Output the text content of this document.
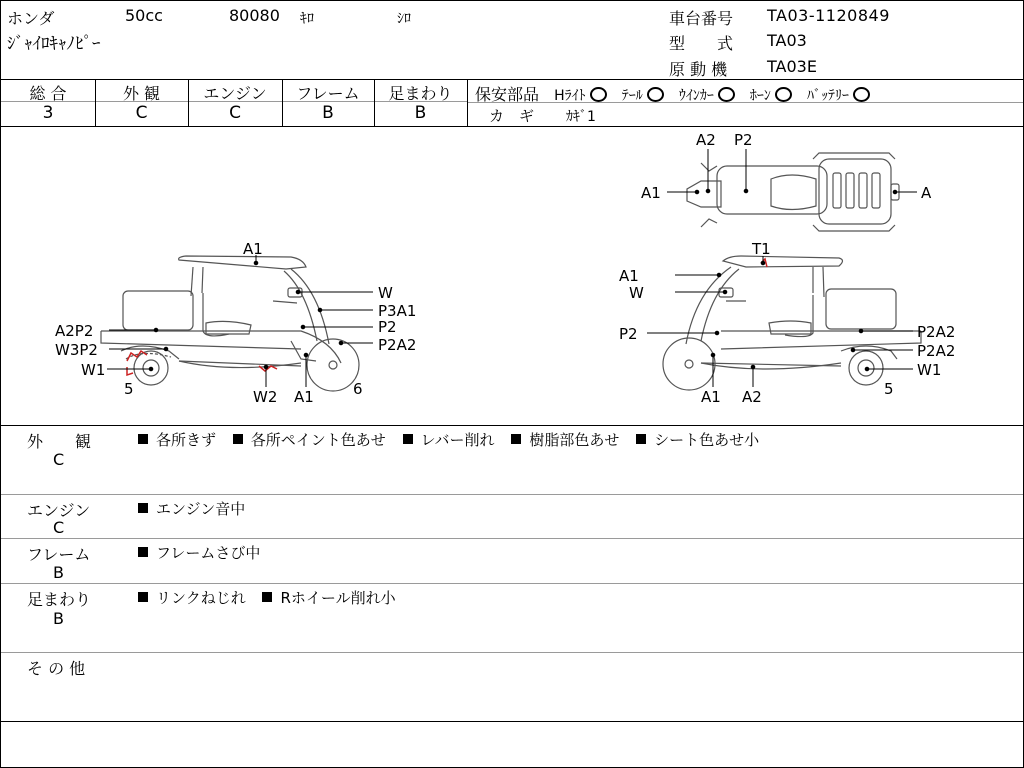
ホンダ	50cc	80080 ｷﾛ	ｼﾛ
ｼﾞｬｲﾛｷｬﾉﾋﾟｰ
車台番号 TA03-1120849
型　　式 TA03
原 動 機 TA03E
総 合
3
外 観
C
エンジン
C
フレーム
B
足まわり
B
保安部品 Hﾗｲﾄ	ﾃｰﾙ	ｳｲﾝｶｰ	ﾎｰﾝ	ﾊﾞｯﾃﾘｰ
カ　ギ ｶｷﾞ1
A1
W
P3A1
P2
P2A2
A2P2
W3P2
W1
5	W2 A1	6
T1
A1
W
P2	P2A2
P2A2
W1
5
A1 A2
A2 P2
A1	A
外　　観
C
各所きず 各所ペイント色あせ レバー削れ 樹脂部色あせ シート色あせ小
エンジン
C
エンジン音中
フレーム
B
フレームさび中
足まわり
B
リンクねじれ Rホイール削れ小
そ の 他
